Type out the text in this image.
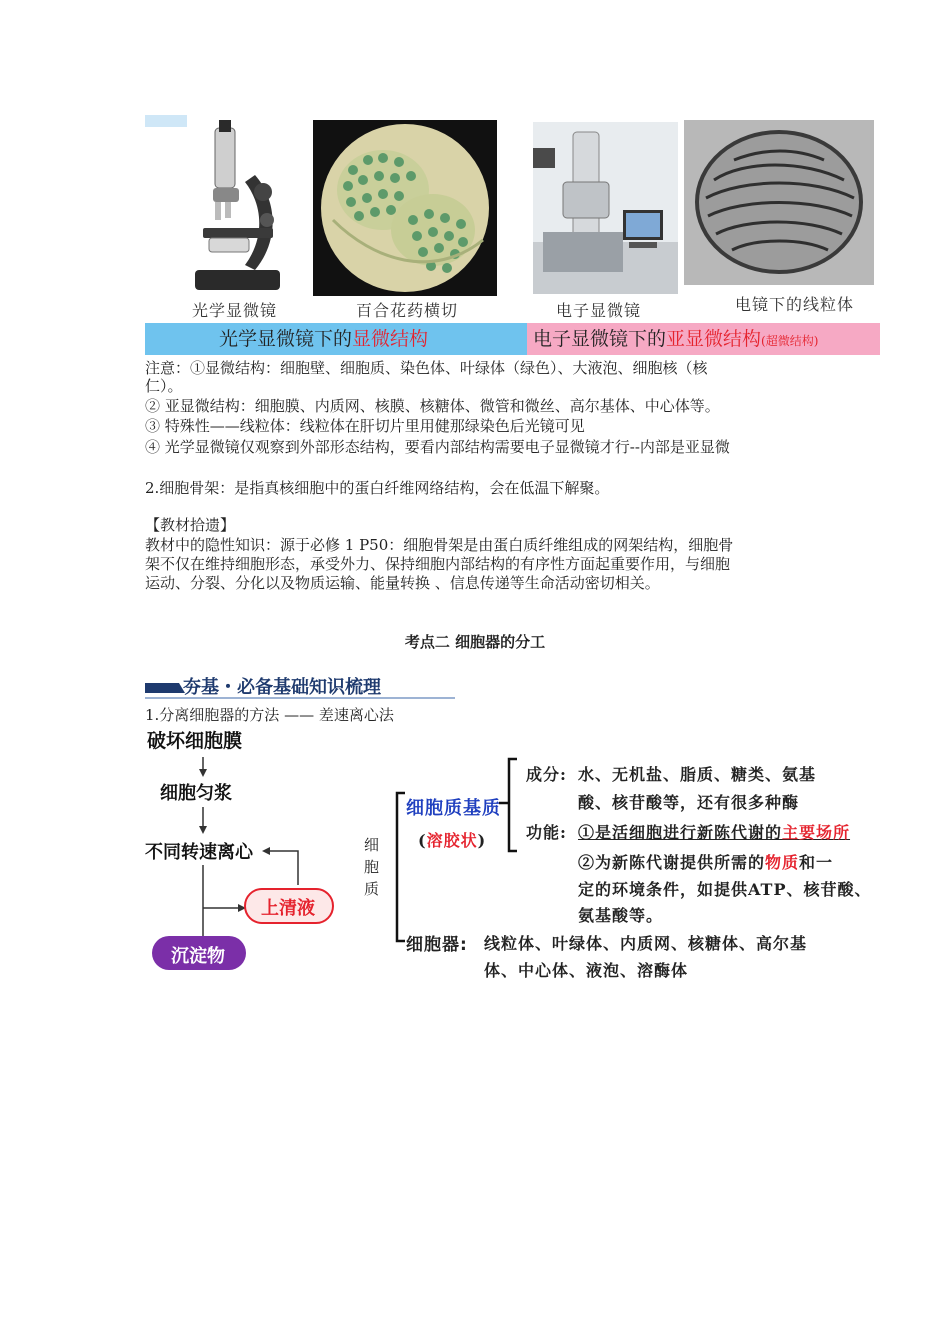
光学显微镜	百合花药横切	电子显微镜	电镜下的线粒体
光学显微镜下的显微结构	电子显微镜下的亚显微结构(超微结构)
注意：①显微结构：细胞壁、细胞质、染色体、叶绿体（绿色）、大液泡、细胞核（核
仁）。
② 亚显微结构：细胞膜、内质网、核膜、核糖体、微管和微丝、高尔基体、中心体等。
③ 特殊性——线粒体：线粒体在肝切片里用健那绿染色后光镜可见
④ 光学显微镜仅观察到外部形态结构，要看内部结构需要电子显微镜才行--内部是亚显微
2.细胞骨架：是指真核细胞中的蛋白纤维网络结构，会在低温下解聚。
【教材拾遗】
教材中的隐性知识：源于必修 1 P50：细胞骨架是由蛋白质纤维组成的网架结构，细胞骨
架不仅在维持细胞形态，承受外力、保持细胞内部结构的有序性方面起重要作用，与细胞
运动、分裂、分化以及物质运输、能量转换 、信息传递等生命活动密切相关。
考点二 细胞器的分工
夯基・必备基础知识梳理
1.分离细胞器的方法 —— 差速离心法
破坏细胞膜
细胞匀浆
不同转速离心
上清液
沉淀物
细胞质
细胞质基质
(溶胶状)
成分: 水、无机盐、脂质、糖类、氨基
酸、核苷酸等，还有很多种酶
功能: ①是活细胞进行新陈代谢的主要场所
②为新陈代谢提供所需的物质和一
定的环境条件，如提供ATP、核苷酸、
氨基酸等。
细胞器: 线粒体、叶绿体、内质网、核糖体、高尔基
体、中心体、液泡、溶酶体
